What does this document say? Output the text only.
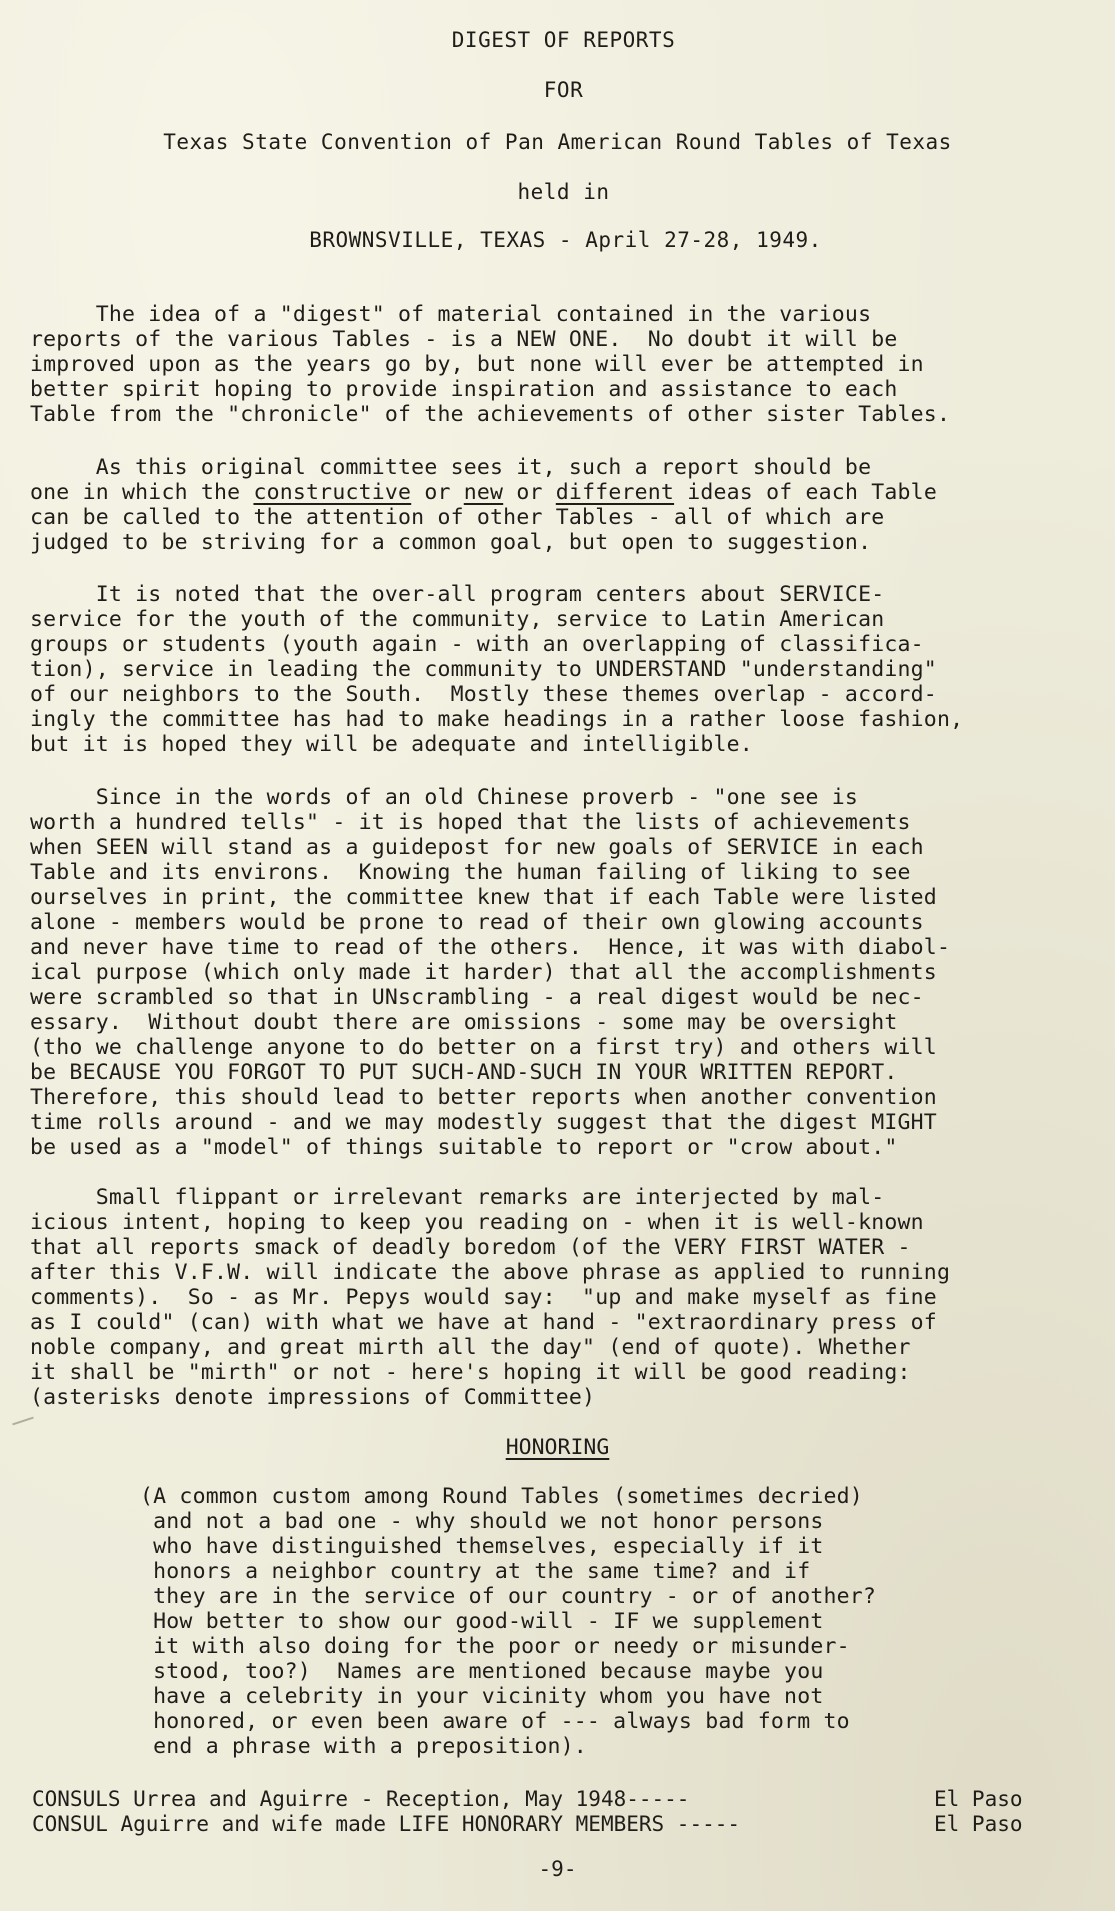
DIGEST OF REPORTS
FOR
Texas State Convention of Pan American Round Tables of Texas
held in
BROWNSVILLE, TEXAS - April 27-28, 1949.
The idea of a "digest" of material contained in the various
reports of the various Tables - is a NEW ONE.  No doubt it will be
improved upon as the years go by, but none will ever be attempted in
better spirit hoping to provide inspiration and assistance to each
Table from the "chronicle" of the achievements of other sister Tables.
As this original committee sees it, such a report should be
one in which the constructive or new or different ideas of each Table
can be called to the attention of other Tables - all of which are
judged to be striving for a common goal, but open to suggestion.
It is noted that the over-all program centers about SERVICE-
service for the youth of the community, service to Latin American
groups or students (youth again - with an overlapping of classifica-
tion), service in leading the community to UNDERSTAND "understanding"
of our neighbors to the South.  Mostly these themes overlap - accord-
ingly the committee has had to make headings in a rather loose fashion,
but it is hoped they will be adequate and intelligible.
Since in the words of an old Chinese proverb - "one see is
worth a hundred tells" - it is hoped that the lists of achievements
when SEEN will stand as a guidepost for new goals of SERVICE in each
Table and its environs.  Knowing the human failing of liking to see
ourselves in print, the committee knew that if each Table were listed
alone - members would be prone to read of their own glowing accounts
and never have time to read of the others.  Hence, it was with diabol-
ical purpose (which only made it harder) that all the accomplishments
were scrambled so that in UNscrambling - a real digest would be nec-
essary.  Without doubt there are omissions - some may be oversight
(tho we challenge anyone to do better on a first try) and others will
be BECAUSE YOU FORGOT TO PUT SUCH-AND-SUCH IN YOUR WRITTEN REPORT.
Therefore, this should lead to better reports when another convention
time rolls around - and we may modestly suggest that the digest MIGHT
be used as a "model" of things suitable to report or "crow about."
Small flippant or irrelevant remarks are interjected by mal-
icious intent, hoping to keep you reading on - when it is well-known
that all reports smack of deadly boredom (of the VERY FIRST WATER -
after this V.F.W. will indicate the above phrase as applied to running
comments).  So - as Mr. Pepys would say:  "up and make myself as fine
as I could" (can) with what we have at hand - "extraordinary press of
noble company, and great mirth all the day" (end of quote). Whether
it shall be "mirth" or not - here's hoping it will be good reading:
(asterisks denote impressions of Committee)
HONORING
(A common custom among Round Tables (sometimes decried)
and not a bad one - why should we not honor persons
who have distinguished themselves, especially if it
honors a neighbor country at the same time? and if
they are in the service of our country - or of another?
How better to show our good-will - IF we supplement
it with also doing for the poor or needy or misunder-
stood, too?)  Names are mentioned because maybe you
have a celebrity in your vicinity whom you have not
honored, or even been aware of --- always bad form to
end a phrase with a preposition).
CONSULS Urrea and Aguirre - Reception, May 1948-----	El Paso
CONSUL Aguirre and wife made LIFE HONORARY MEMBERS -----	El Paso
-9-
